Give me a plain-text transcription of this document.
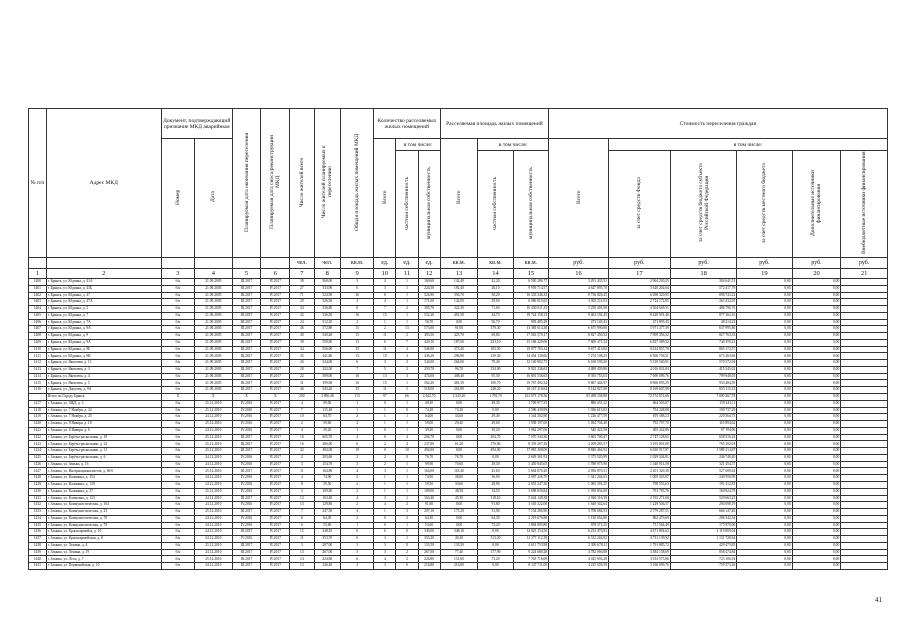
№ п/п	Адрес МКД	Документ, подтверждающий признание МКД аварийным		Планируемая дата окончания переселения	Планируемая дата сноса/реконструкции МКД	Число жителей всего	Число жителей планируемых к переселению	Общая площадь жилых помещений МКД	Количество расселяемых жилых помещений			Расселяемая площадь жилых помещений			Стоимость переселения граждан					
		Номер	Дата						Всего	в том числе:		Всего	в том числе:		Всего	в том числе:				
										частная собственность	муниципальная собственность		частная собственность	муниципальная собственность		за счет средств Фонда	за счет средств бюджета субъекта Российской Федерации	за счет средств местного бюджета	Дополнительные источники финансирования	Внебюджетные источники финансирования
						чел.	чел.	кв.м.	ед.	ед.	ед.	кв.м.	кв.м.	кв.м.	руб.	руб.	руб.	руб.	руб.	руб.
1	2	3	4	5	6	7	8	9	10	11	12	13	14	15	16	17	18	19	20	21
1400	г. Брянск, ул. Юдинка, д. 41А	б/н	21.09.2005	III.2017	IV.2017	38	568,00	3	4	1	169,60	142,40	41,20	6 590 286,77	3 291 435,51	2 964 230,35	304 641,51	0,00	0,00	
1401	г. Брянск, ул. Юдинка, д. 43Б	б/н	21.09.2005	III.2017	IV.2017	27	533,90	6	3	1	224,50	192,40	28,10	9 959 714,57	4 627 895,70	3 620 202,64	572 417,79	0,00	0,00	
1402	г. Брянск, ул. Юдинка, д. 47	б/н	21.09.2005	III.2017	IV.2017	71	524,90	16	8	1	524,90	356,70	58,20	16 333 346,35	8 736 826,45	6 698 320,95	898 743,22	0,00	0,00	
1403	г. Брянск, ул. Юдинка, д. 47А	б/н	21.09.2005	III.2017	IV.2017	29	526,50	3	4	1	171,00	142,00	29,00	6 086 815,65	3 003 211,03	2 724 172,85	263 432,05	0,00	0,00	
1404	г. Брянск, ул. Юдинка, д. 5	б/н	21.09.2005	III.2017	IV.2017	34	536,80	8	7	2	385,70	322,30	71,60	10 430 011,35	5 250 491,08	4 304 649,51	486 796,76	0,00	0,00	
1405	г. Брянск, ул. Юдинка, д. 7	б/н	21.09.2005	III.2017	IV.2017	42	536,50	16	15	1	532,20	491,50	34,70	18 724 158,13	9 402 192,45	8 428 991,46	877 162,16	0,00	0,00	
1406	г. Брянск, ул. Юдинка, д. 7А	б/н	21.09.2005	III.2017	IV.2017	24	512,20	2	1	1	56,70	0,00	56,70	993 485,28	473 149,43	471 895,45	48 214,22	0,00	0,00	
1407	г. Брянск, ул. Юдинка, д. 9А	б/н	21.09.2005	III.2017	IV.2017	46	572,80	15	2	13	573,00	91,00	379,30	13 385 614,30	6 675 990,86	5 971 377,39	637 995,86	0,00	0,00	
1408	г. Брянск, ул. Юдинка, д. 9	б/н	21.09.2005	III.2017	IV.2017	40	540,40	15	11	2	493,50	425,70	69,80	17 563 570,17	8 827 450,52	7 909 356,32	827 763,33	0,00	0,00	
1409	г. Брянск, ул. Юдинка, д. 9А	б/н	21.09.2005	III.2017	IV.2017	39	550,00	13	6	7	420,10	187,00	233,10	15 168 220,08	7 600 471,34	6 827 389,52	740 359,22	0,00	0,00	
1410	г. Брянск, ул. Юдинка, д. 9Б	б/н	21.09.2005	III.2017	IV.2017	34	556,00	15	11	4	546,90	373,40	183,50	19 077 703,14	9 677 413,84	8 614 857,78	865 172,57	0,00	0,00	
1411	г. Брянск, ул. Юдинка, д. 9В	б/н	21.09.2005	III.2017	IV.2017	35	441,80	13	10	3	436,20	296,90	139,30	14 454 138,66	7 274 108,25	6 506 736,51	673 263,66	0,00	0,00	
1412	г. Брянск, ул. Яковлева, д. 13	б/н	21.09.2005	III.2017	IV.2017	26	344,00	6	3	3	344,00	264,60	79,40	12 140 802,75	6 160 539,26	5 310 540,81	570 572,94	0,00	0,00	
1413	г. Брянск, ул. Яковлева, д. 3	б/н	21.09.2005	III.2017	IV.2017	20	332,50	7	5	2	250,70	96,70	154,00	8 921 236,65	4 489 459,86	4 016 031,84	415 545,02	0,00	0,00	
1414	г. Брянск, ул. Яковлева, д. 4	б/н	21.09.2005	III.2017	IV.2017	22	589,00	16	13	3	474,00	408,40	95,30	16 891 536,65	8 393 753,63	7 698 099,76	799 948,05	0,00	0,00	
1415	г. Брянск, ул. Яковлева, д. 5	б/н	21.09.2005	III.2017	IV.2017	31	399,00	16	15	1	562,20	481,50	100,70	19 767 492,34	9 867 444,97	8 966 893,29	933 484,59	0,00	0,00	
1416	г. Брянск, ул. Джугова, д. 9А	б/н	21.09.2005	III.2017	IV.2017	46	545,20	15	11	5	518,00	261,80	248,20	18 167 310,64	9 142 827,68	8 169 607,89	855 115,13	0,00	0,00	
	Итого по Городу Брянск	X	X	X	X	200	4 890,48	113	97	66	4 442,70	2 543,20	1 795,70	161 073 178,36	83 498 338,88	72 574 874,66	7 000 267,78	0,00	0,00	
1417	г. Злынка, ул. ЗЖД, д. 3	б/н	25.12.2010	IV.2016	IV.2017	4	99,00	1	0	1	49,30	0,00	49,30	1 709 977,35	886 431,22	664 303,07	159 243,11	0,00	0,00	
1418	г. Злынка, ул. 7 Ноября, д. 22	б/н	25.12.2010	IV.2016	IV.2017	7	115,40	1	1	0	74,20	74,20	0,00	2 586 439,99	1 036 613,82	754 248,88	190 737,29	0,00	0,00	
1419	г. Злынка, ул. 7 Ноября, д. 25	б/н	24.12.2010	IV.2016	IV.2017	10	64,70	2	1	1	64,00	34,60	29,40	1 544 302,90	1 226 477,59	819 388,23	220 564,75	0,00	0,00	
1420	г. Злынка, ул. 8 Января, д. 18	б/н	25.12.2010	IV.2016	IV.2017	2	59,60	2	1	1	59,00	29,40	29,60	1 938 197,00	1 034 704,40	792 797,70	110 894,62	0,00	0,00	
1421	г. Злынка, ул. 8 Января, д. 6	б/н	24.12.2010	IV.2016	IV.2017	4	39,20	1	0	1	39,20	0,00	39,20	1 062 297,00	540 422,58	405 242,86	97 194,06	0,00	0,00	
1422	г. Злынка, ул. Берёзы-раскольник, д. 18	б/н	25.12.2010	III.2017	IV.2017	10	605,70	4	0	4	204,70	0,00	204,70	7 070 344,36	3 665 700,47	2 747 128,65	658 516,24	0,00	0,00	
1423	г. Злынка, ул. Берёзы-раскольник, д. 23	б/н	25.12.2010	III.2017	IV.2017	16	306,00	6	2	4	237,00	61,20	176,80	8 339 207,36	4 209 283,57	3 193 801,00	765 202,03	0,00	0,00	
1424	г. Злынка, ул. Берёзы-раскольник, д. 31	б/н	25.12.2010	III.2017	IV.2017	42	494,00	19	0	10	494,00	0,00	494,00	17 065 200,00	8 846 464,94	6 630 917,87	1 589 214,87	0,00	0,00	
1425	г. Злынка, ул. Берёзы-раскольник, д. 6	б/н	24.12.2010	IV.2016	IV.2017	2	203,60	2	2	0	76,70	76,70	0,00	2 649 361,93	1 373 520,99	1 029 504,81	246 740,40	0,00	0,00	
1426	г. Злынка, ул. Зеньки, д. 16	б/н	24.12.2010	IV.2016	IV.2017	3	154,70	3	2	1	99,90	70,60	29,30	3 450 845,05	1 788 975,90	1 340 914,58	321 454,57	0,00	0,00	
1427	г. Злынка, ул. Интернационалистов, д. 6б/б	б/н	25.12.2010	III.2017	IV.2017	11	164,80	4	3	1	164,00	118,40	45,60	5 664 870,20	2 936 870,51	2 201 320,38	527 600,63	0,00	0,00	
1428	г. Злынка, ул. Калинина, д. 154	б/н	24.12.2010	IV.2016	IV.2017	4	74,90	2	1	1	74,90	38,00	36,90	2 587 226,70	1 341 244,63	1 005 343,87	240 956,99	0,00	0,00	
1429	г. Злынка, ул. Калинина, д. 139	б/н	24.12.2010	IV.2016	IV.2017	8	59,50	2	1	1	59,50	30,60	28,90	2 055 247,30	1 065 391,25	798 553,63	191 412,83	0,00	0,00	
1430	г. Злынка, ул. Калинина, д. 37	б/н	25.12.2010	IV.2016	IV.2017	3	109,00	2	1	1	109,00	48,50	14,50	3 698 830,84	1 950 834,00	791 783,76	160 824,78	0,00	0,00	
1431	г. Злынка, ул. Климовка, д. 123	б/н	24.12.2010	III.2017	IV.2017	13	163,40	4	3	1	163,40	45,30	118,10	5 644 149,38	2 926 116,39	2 193 271,69	529 663,25	0,00	0,00	
1432	г. Злынка, ул. Коммунистическая, д. 164	б/н	24.12.2010	IV.2016	IV.2017	13	129,80	2	4	2	91,80	0,00	91,80	3 165 322,00	1 640 342,64	1 229 546,57	294 698,19	0,00	0,00	
1433	г. Злынка, ул. Коммунистическая, д. 23	б/н	25.12.2010	III.2017	IV.2017	7	247,50	4	1	3	207,10	175,20	31,90	7 154 286,90	3 708 084,93	2 779 287,51	666 147,46	0,00	0,00	
1434	г. Злынка, ул. Коммунистическая, д. 78	б/н	24.12.2010	IV.2016	IV.2017	6	64,30	2	0	2	64,30	0,00	64,30	2 219 676,88	1 150 654,86	862 479,68	206 542,34	0,00	0,00	
1435	г. Злынка, ул. Коммунистическая, д. 79	б/н	24.12.2010	IV.2016	IV.2017	6	53,60	1	0	1	53,60	0,00	73,20	1 884 905,80	978 371,25	731 564,49	175 970,06	0,00	0,00	
1436	г. Злынка, ул. Красноармейск, д. 10	б/н	24.12.2010	III.2017	IV.2017	15	348,10	6	6	0	349,00	348,10	0,00	12 025 154,50	6 233 470,83	4 671 894,62	1 119 809,04	0,00	0,00	
1437	г. Злынка, ул. Красноармейская, д. 8	б/н	24.12.2010	IV.2016	IV.2017	11	353,70	6	3	1	353,20	40,20	313,20	12 177 112,39	6 312 244,82	4 731 139,92	1 131 728,64	0,00	0,00	
1438	г. Злынка, ул. Ленина, д. 4	б/н	25.12.2010	III.2017	IV.2017	3	207,00	3	3	0	133,50	133,50	0,00	4 611 753,98	2 390 678,11	1 791 885,72	429 473,85	0,00	0,00	
1439	г. Злынка, ул. Ленина, д. 19	б/н	24.12.2010	III.2017	IV.2017	13	267,00	5	3	2	267,00	77,40	177,90	9 224 680,28	4 782 066,88	3 584 158,69	858 474,84	0,00	0,00	
1440	г. Злынка, ул. Леси, д. 7	б/н	25.12.2010	III.2017	IV.2017	14	224,80	6	4	2	224,80	151,60	73,20	7 765 716,00	4 025 693,28	3 014 575,86	723 106,92	0,00	0,00	
1441	г. Злынка, ул. Первомайская, д. 10	б/н	24.12.2010	III.2017	IV.2017	13	246,40	3	3	0	216,80	216,80	0,00	8 147 711,00	4 225 659,59	3 166 699,76	759 573,26	0,00	0,00	
41
